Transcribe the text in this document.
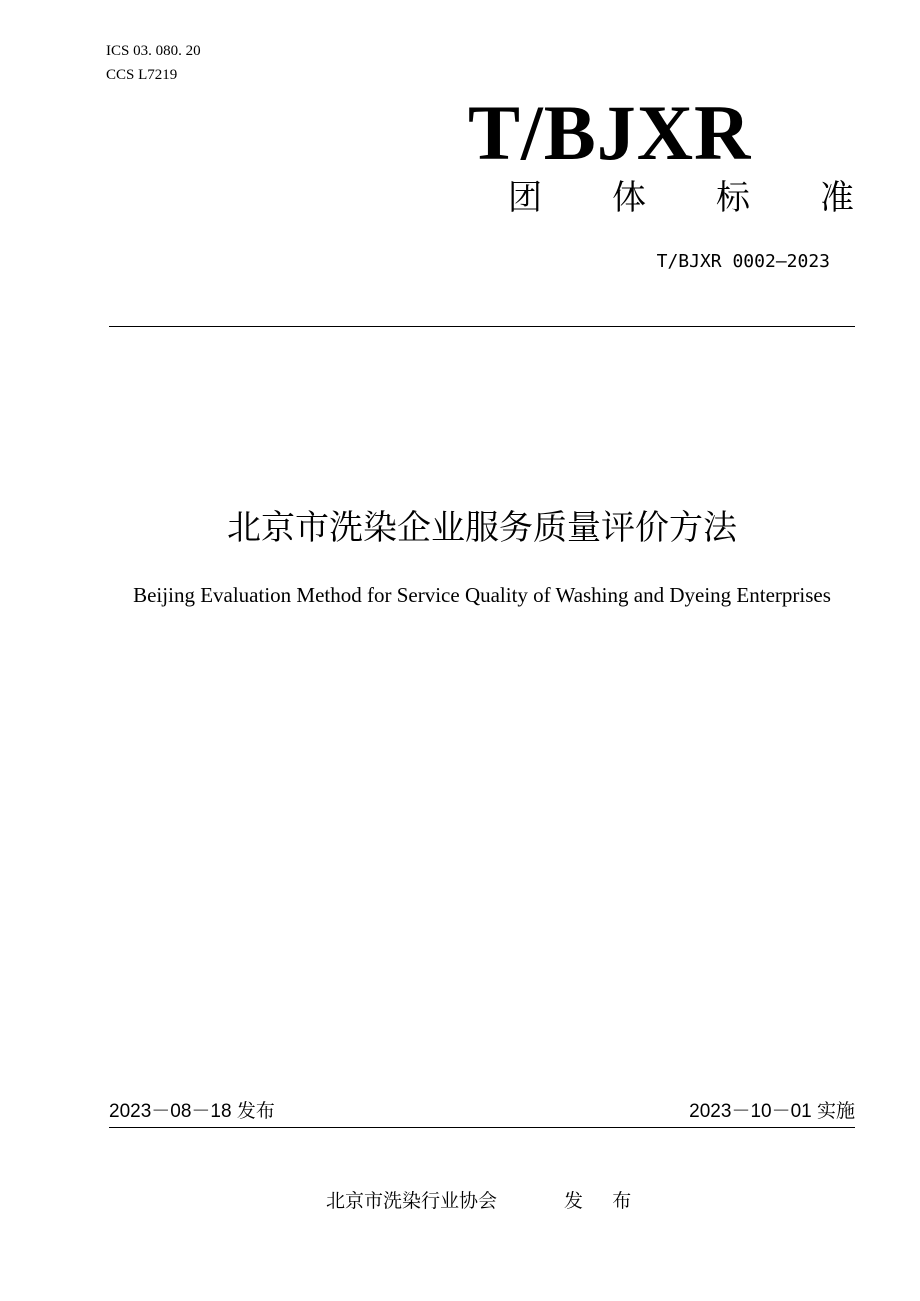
ICS 03. 080. 20
CCS L7219
T/BJXR
团 体 标 准
T/BJXR 0002—2023
北京市洗染企业服务质量评价方法
Beijing Evaluation Method for Service Quality of Washing and Dyeing Enterprises
2023－08－18 发布	2023－10－01 实施
北京市洗染行业协会	发 布
